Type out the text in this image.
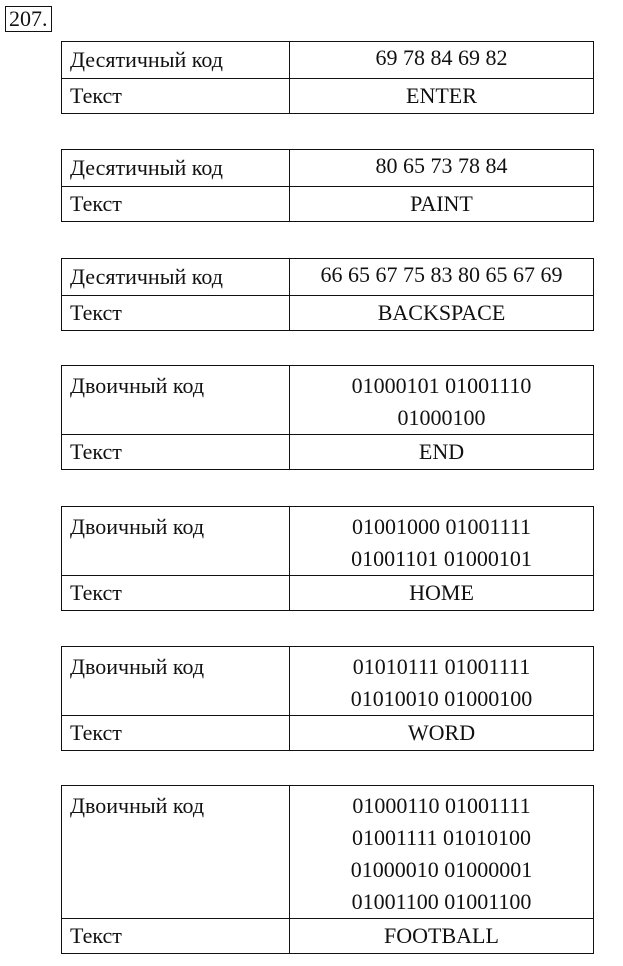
207.
Десятичный код	69 78 84 69 82

Текст	ENTER
Десятичный код	80 65 73 78 84

Текст	PAINT
Десятичный код	66 65 67 75 83 80 65 67 69

Текст	BACKSPACE
Двоичный код	01000101 01001110
01000100

Текст	END
Двоичный код	01001000 01001111
01001101 01000101

Текст	HOME
Двоичный код	01010111 01001111
01010010 01000100

Текст	WORD
Двоичный код	01000110 01001111
01001111 01010100
01000010 01000001
01001100 01001100

Текст	FOOTBALL
